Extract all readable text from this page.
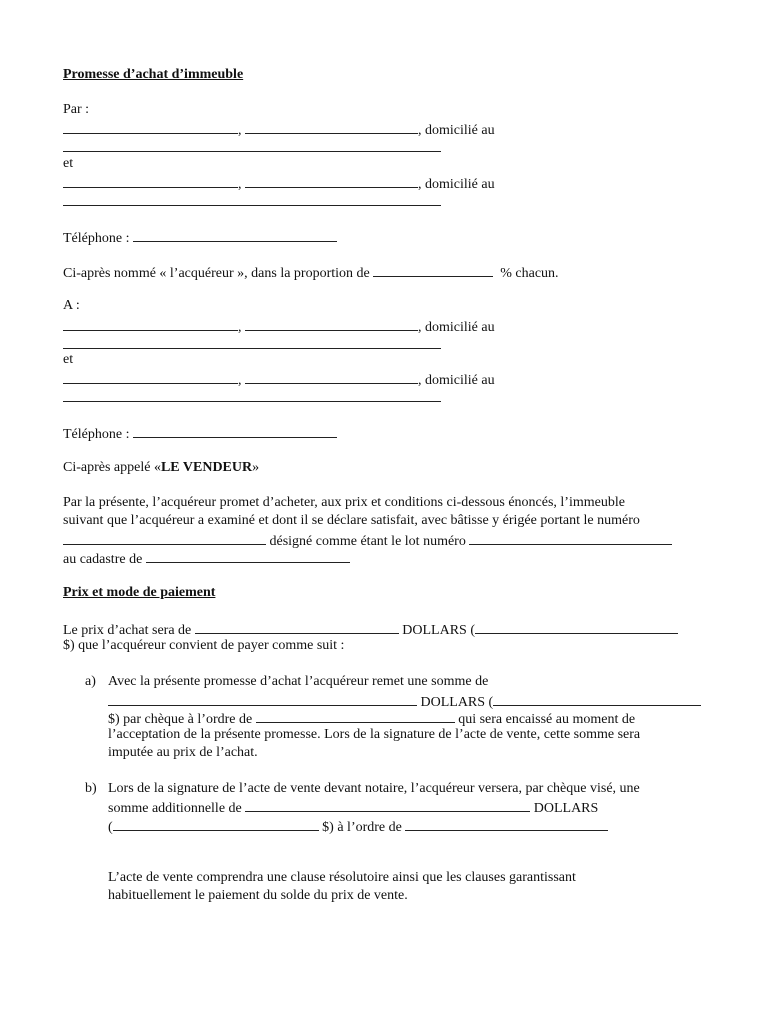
Promesse d’achat d’immeuble
Par :
,	, domicilié au
et
,	, domicilié au
Téléphone :
Ci-après nommé « l’acquéreur », dans la proportion de	% chacun.
A :
,	, domicilié au
et
,	, domicilié au
Téléphone :
Ci-après appelé «LE VENDEUR»
Par la présente, l’acquéreur promet d’acheter, aux prix et conditions ci-dessous énoncés, l’immeuble
suivant que l’acquéreur a examiné et dont il se déclare satisfait, avec bâtisse y érigée portant le numéro
désigné comme étant le lot numéro
au cadastre de
Prix et mode de paiement
Le prix d’achat sera de	DOLLARS (
$) que l’acquéreur convient de payer comme suit :
a) Avec la présente promesse d’achat l’acquéreur remet une somme de
DOLLARS (
$) par chèque à l’ordre de	qui sera encaissé au moment de
l’acceptation de la présente promesse. Lors de la signature de l’acte de vente, cette somme sera
imputée au prix de l’achat.
b) Lors de la signature de l’acte de vente devant notaire, l’acquéreur versera, par chèque visé, une
somme additionnelle de	DOLLARS
(	$) à l’ordre de
L’acte de vente comprendra une clause résolutoire ainsi que les clauses garantissant
habituellement le paiement du solde du prix de vente.
